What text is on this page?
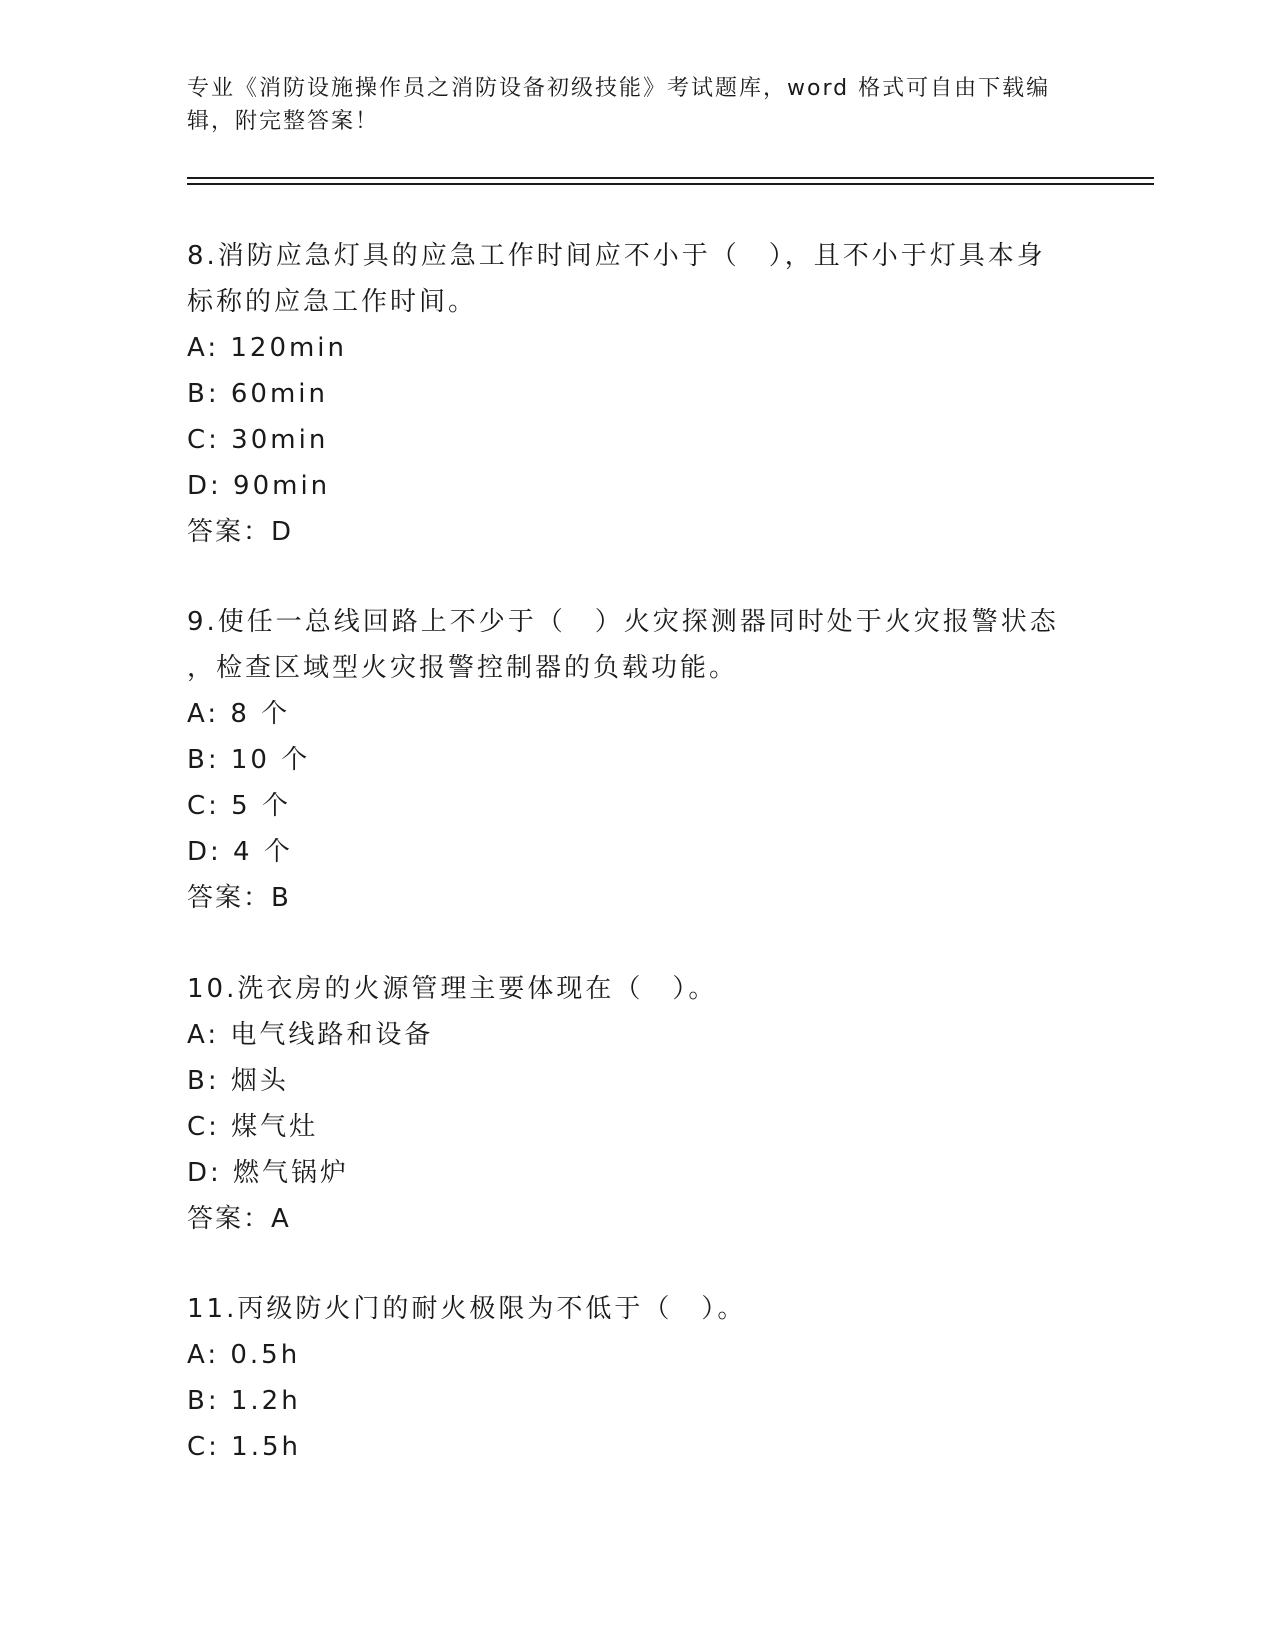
专业《消防设施操作员之消防设备初级技能》考试题库，word 格式可自由下载编
辑，附完整答案！

8.消防应急灯具的应急工作时间应不小于（　），且不小于灯具本身
标称的应急工作时间。

A: 120min

B: 60min

C: 30min

D: 90min

答案：D

9.使任一总线回路上不少于（　）火灾探测器同时处于火灾报警状态
，检查区域型火灾报警控制器的负载功能。

A: 8 个

B: 10 个

C: 5 个

D: 4 个

答案：B

10.洗衣房的火源管理主要体现在（　）。

A: 电气线路和设备

B: 烟头

C: 煤气灶

D: 燃气锅炉

答案：A

11.丙级防火门的耐火极限为不低于（　）。

A: 0.5h

B: 1.2h

C: 1.5h
